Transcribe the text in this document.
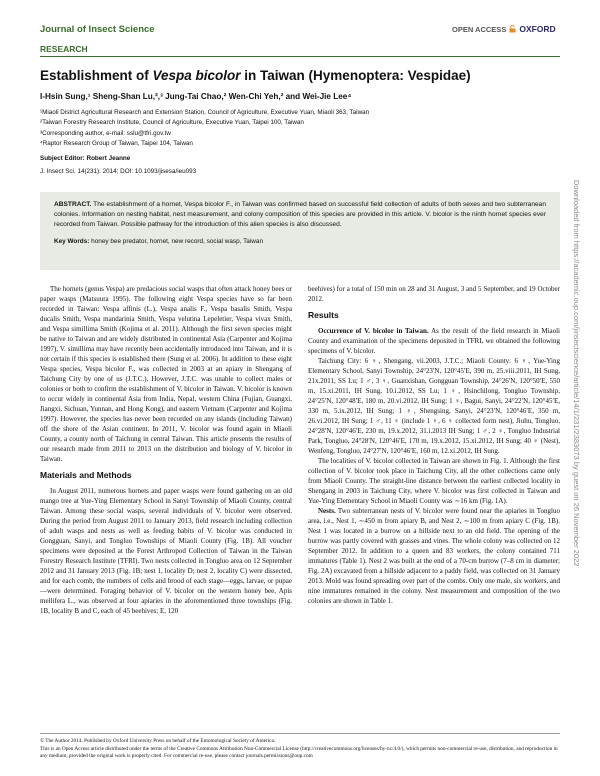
Journal of Insect Science	OPEN ACCESS OXFORD
RESEARCH
Establishment of Vespa bicolor in Taiwan (Hymenoptera: Vespidae)
I-Hsin Sung,¹ Sheng-Shan Lu,²,³ Jung-Tai Chao,² Wen-Chi Yeh,² and Wei-Jie Lee⁴
¹Miaoli District Agricultural Research and Extension Station, Council of Agriculture, Executive Yuan, Miaoli 363, Taiwan
²Taiwan Forestry Research Institute, Council of Agriculture, Executive Yuan, Taipei 100, Taiwan
³Corresponding author, e-mail: sslu@tfri.gov.tw
⁴Raptor Research Group of Taiwan, Taipei 104, Taiwan
Subject Editor: Robert Jeanne
J. Insect Sci. 14(231): 2014; DOI: 10.1093/jisesa/ieu093
ABSTRACT. The establishment of a hornet, Vespa bicolor F., in Taiwan was confirmed based on successful field collection of adults of both sexes and two subterranean colonies. Information on nesting habitat, nest measurement, and colony composition of this species are provided in this article. V. bicolor is the ninth hornet species ever recorded from Taiwan. Possible pathway for the introduction of this alien species is also discussed.
Key Words: honey bee predator, hornet, new record, social wasp, Taiwan

The hornets (genus Vespa) are predacious social wasps that often attack honey bees or paper wasps (Matsuura 1995). The following eight Vespa species have so far been recorded in Taiwan: Vespa affinis (L.), Vespa analis F., Vespa basalis Smith, Vespa ducalis Smith, Vespa mandarinia Smith, Vespa velutina Lepeletier, Vespa vivax Smith, and Vespa simillima Smith (Kojima et al. 2011). Although the first seven species might be native to Taiwan and are widely distributed in continental Asia (Carpenter and Kojima 1997), V. simillima may have recently been accidentally introduced into Taiwan, and it is not certain if this species is established there (Sung et al. 2006). In addition to these eight Vespa species, Vespa bicolor F., was collected in 2003 at an apiary in Shengang of Taichung City by one of us (J.T.C.). However, J.T.C. was unable to collect males or colonies or both to confirm the establishment of V. bicolor in Taiwan. V. bicolor is known to occur widely in continental Asia from India, Nepal, western China (Fujian, Guangxi, Jiangxi, Sichuan, Yunnan, and Hong Kong), and eastern Vietnam (Carpenter and Kojima 1997). However, the species has never been recorded on any islands (including Taiwan) off the shore of the Asian continent. In 2011, V. bicolor was found again in Miaoli County, a county north of Taichung in central Taiwan. This article presents the results of our research made from 2011 to 2013 on the distribution and biology of V. bicolor in Taiwan.

Materials and Methods

In August 2011, numerous hornets and paper wasps were found gathering on an old mango tree at Yue-Ying Elementary School in Sanyi Township of Miaoli County, central Taiwan. Among these social wasps, several individuals of V. bicolor were observed. During the period from August 2011 to January 2013, field research including collection of adult wasps and nests as well as feeding habits of V. bicolor was conducted in Gongguan, Sanyi, and Tongluo Townships of Miaoli County (Fig. 1B). All voucher specimens were deposited at the Forest Arthropod Collection of Taiwan in the Taiwan Forestry Research Institute (TFRI). Two nests collected in Tongluo area on 12 September 2012 and 31 January 2013 (Fig. 1B; nest 1, locality D; nest 2, locality C) were dissected, and for each comb, the numbers of cells and brood of each stage—eggs, larvae, or pupae—were determined. Foraging behavior of V. bicolor on the western honey bee, Apis mellifera L., was observed at four apiaries in the aforementioned three townships (Fig. 1B, locality B and C, each of 45 beehives; E, 120

beehives) for a total of 150 min on 28 and 31 August, 3 and 5 September, and 19 October 2012.

Results

Occurrence of V. bicolor in Taiwan. As the result of the field research in Miaoli County and examination of the specimens deposited in TFRI, we obtained the following specimens of V. bicolor.

Taichung City: 6 ♀, Shengang, vii.2003, J.T.C.; Miaoli County: 6 ♀, Yue-Ying Elementary School, Sanyi Township, 24°23′N, 120°45′E, 390 m, 25.viii.2011, IH Sung, 21x.2011, SS Lu; 1 ♂, 3 ♀, Guanxishan, Gongguan Township, 24°26′N, 120°50′E, 550 m, 15.xi.2011, IH Sung, 10.i.2012, SS Lu; 1 ♀, Hsinchilong, Tongluo Township, 24°25′N, 120°48′E, 180 m, 20.vi.2012, IH Sung; 1 ♀, Bagui, Sanyi, 24°22′N, 120°45′E, 330 m, 5.ix.2012, IH Sung; 1 ♀, Shengsing, Sanyi, 24°23′N, 120°46′E, 350 m, 26.vi.2012, IH Sung; 1 ♂, 11 ♀ (include 1 ♀, 6 ♀ collected form nest), Jiuhu, Tongluo, 24°28′N, 120°46′E, 230 m, 19.x.2012, 31.i.2013 IH Sung; 1 ♂, 2 ♀, Tongluo Industrial Park, Tongluo, 24°28′N, 120°46′E, 170 m, 19.x.2012, 15.xi.2012, IH Sung; 40 ♀ (Nest), Wenfeng, Tongluo, 24°27′N, 120°46′E, 160 m, 12.xi.2012, IH Sung.

The localities of V. bicolor collected in Taiwan are shown in Fig. 1. Although the first collection of V. bicolor took place in Taichung City, all the other collections came only from Miaoli County. The straight-line distance between the earliest collected locality in Shengang in 2003 in Taichung City, where V. bicolor was first collected in Taiwan and Yue-Ying Elementary School in Miaoli County was ∼16 km (Fig. 1A).

Nests. Two subterranean nests of V. bicolor were found near the apiaries in Tongluo area, i.e., Nest 1, ∼450 m from apiary B, and Nest 2, ∼100 m from apiary C (Fig. 1B). Nest 1 was located in a burrow on a hillside next to an old field. The opening of the burrow was partly covered with grasses and vines. The whole colony was collected on 12 September 2012. In addition to a queen and 83 workers, the colony contained 711 immatures (Table 1). Nest 2 was built at the end of a 70-cm burrow (7–8 cm in diameter; Fig. 2A) excavated from a hillside adjacent to a paddy field, was collected on 31 January 2013. Mold was found spreading over part of the combs. Only one male, six workers, and nine immatures remained in the colony. Nest measurement and composition of the two colonies are shown in Table 1.

© The Author 2014. Published by Oxford University Press on behalf of the Entomological Society of America.
This is an Open Access article distributed under the terms of the Creative Commons Attribution Non-Commercial License (http://creativecommons.org/licenses/by-nc/4.0/), which permits non-commercial re-use, distribution, and reproduction in any medium, provided the original work is properly cited. For commercial re-use, please contact journals.permissions@oup.com
Downloaded from https://academic.oup.com/jinsectscience/article/14/1/231/2383073 by guest on 26 November 2022
